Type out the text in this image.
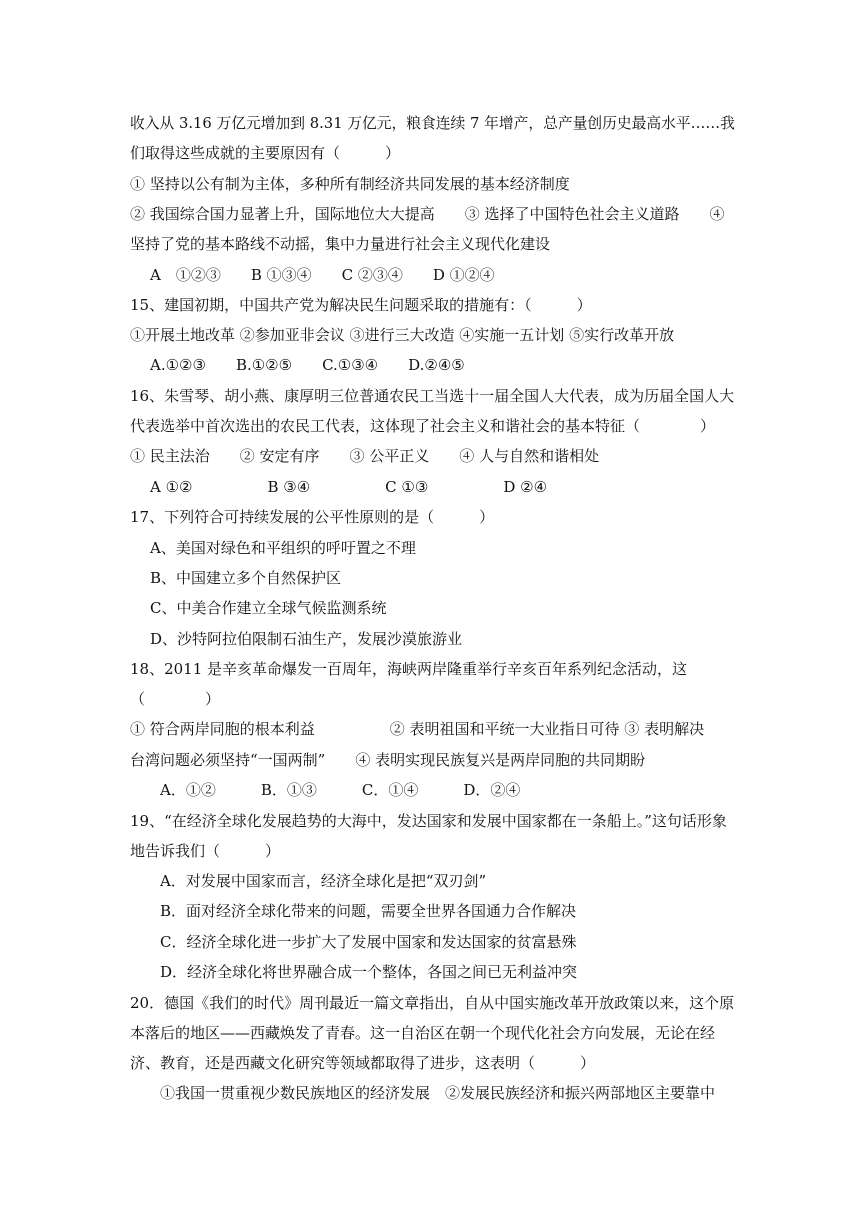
收入从 3.16 万亿元增加到 8.31 万亿元，粮食连续 7 年增产，总产量创历史最高水平……我
们取得这些成就的主要原因有（　　　）
① 坚持以公有制为主体，多种所有制经济共同发展的基本经济制度
② 我国综合国力显著上升，国际地位大大提高　　③ 选择了中国特色社会主义道路　　④
坚持了党的基本路线不动摇，集中力量进行社会主义现代化建设
A　①②③　　B ①③④　　C ②③④　　D ①②④
15、建国初期，中国共产党为解决民生问题采取的措施有：（　　　）
①开展土地改革 ②参加亚非会议 ③进行三大改造 ④实施一五计划 ⑤实行改革开放
A.①②③　　B.①②⑤　　C.①③④　　D.②④⑤
16、朱雪琴、胡小燕、康厚明三位普通农民工当选十一届全国人大代表，成为历届全国人大
代表选举中首次选出的农民工代表，这体现了社会主义和谐社会的基本特征（　　　　）
① 民主法治　　② 安定有序　　③ 公平正义　　④ 人与自然和谐相处
A ①②　　　　　B ③④　　　　　C ①③　　　　　D ②④
17、下列符合可持续发展的公平性原则的是（　　　）
A、美国对绿色和平组织的呼吁置之不理
B、中国建立多个自然保护区
C、中美合作建立全球气候监测系统
D、沙特阿拉伯限制石油生产，发展沙漠旅游业
18、2011 是辛亥革命爆发一百周年，海峡两岸隆重举行辛亥百年系列纪念活动，这
（　　　　）
① 符合两岸同胞的根本利益　　　　　② 表明祖国和平统一大业指日可待 ③ 表明解决
台湾问题必须坚持“一国两制”　　④ 表明实现民族复兴是两岸同胞的共同期盼
A．①②　　　B．①③　　　C．①④　　　D．②④
19、“在经济全球化发展趋势的大海中，发达国家和发展中国家都在一条船上。”这句话形象
地告诉我们（　　　）
A．对发展中国家而言，经济全球化是把“双刃剑”
B．面对经济全球化带来的问题，需要全世界各国通力合作解决
C．经济全球化进一步扩大了发展中国家和发达国家的贫富悬殊
D．经济全球化将世界融合成一个整体，各国之间已无利益冲突
20．德国《我们的时代》周刊最近一篇文章指出，自从中国实施改革开放政策以来，这个原
本落后的地区——西藏焕发了青春。这一自治区在朝一个现代化社会方向发展，无论在经
济、教育，还是西藏文化研究等领域都取得了进步，这表明（　　　）
①我国一贯重视少数民族地区的经济发展　②发展民族经济和振兴两部地区主要靠中
